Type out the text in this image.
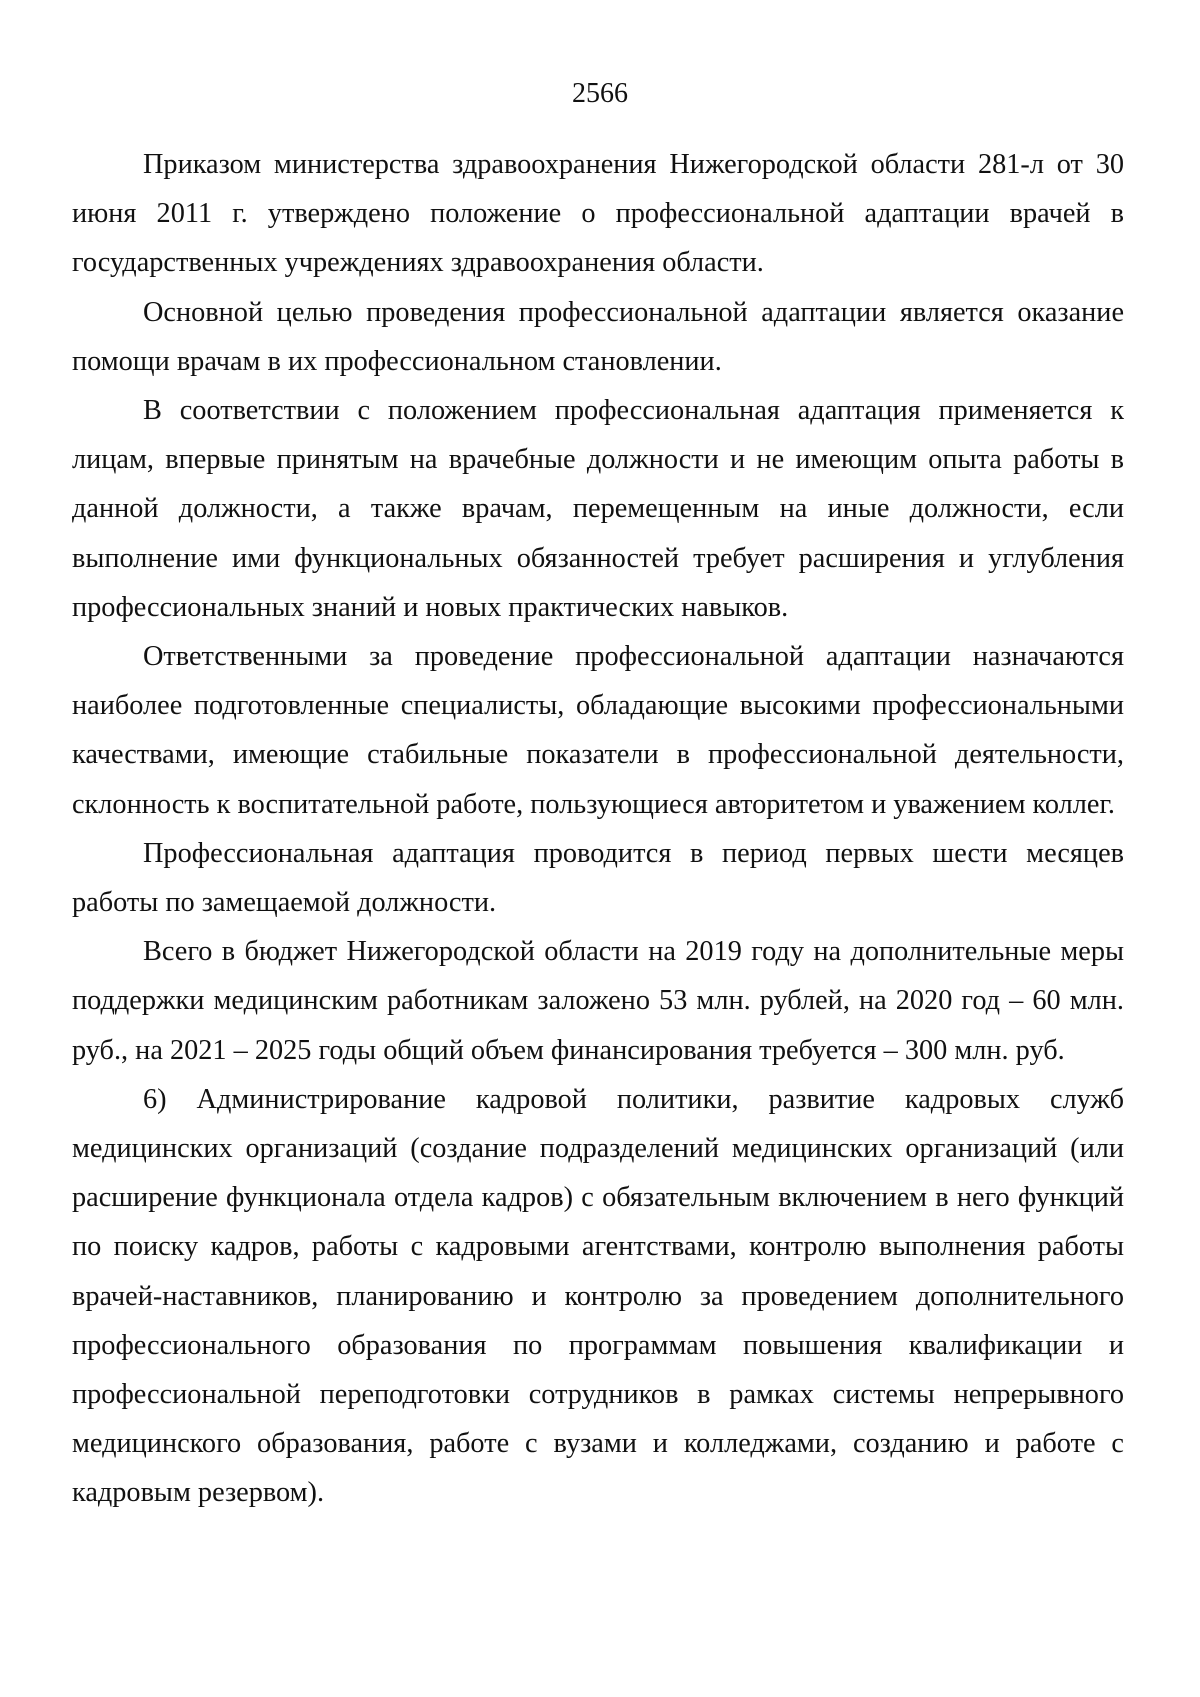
2566

Приказом министерства здравоохранения Нижегородской области 281-л от 30 июня 2011 г. утверждено положение о профессиональной адаптации врачей в государственных учреждениях здравоохранения области.

Основной целью проведения профессиональной адаптации является оказание помощи врачам в их профессиональном становлении.

В соответствии с положением профессиональная адаптация применяется к лицам, впервые принятым на врачебные должности и не имеющим опыта работы в данной должности, а также врачам, перемещенным на иные должности, если выполнение ими функциональных обязанностей требует расширения и углубления профессиональных знаний и новых практических навыков.

Ответственными за проведение профессиональной адаптации назначаются наиболее подготовленные специалисты, обладающие высокими профессиональными качествами, имеющие стабильные показатели в профессиональной деятельности, склонность к воспитательной работе, пользующиеся авторитетом и уважением коллег.

Профессиональная адаптация проводится в период первых шести месяцев работы по замещаемой должности.

Всего в бюджет Нижегородской области на 2019 году на дополнительные меры поддержки медицинским работникам заложено 53 млн. рублей, на 2020 год – 60 млн. руб., на 2021 – 2025 годы общий объем финансирования требуется – 300 млн. руб.

6) Администрирование кадровой политики, развитие кадровых служб медицинских организаций (создание подразделений медицинских организаций (или расширение функционала отдела кадров) с обязательным включением в него функций по поиску кадров, работы с кадровыми агентствами, контролю выполнения работы врачей-наставников, планированию и контролю за проведением дополнительного профессионального образования по программам повышения квалификации и профессиональной переподготовки сотрудников в рамках системы непрерывного медицинского образования, работе с вузами и колледжами, созданию и работе с кадровым резервом).
